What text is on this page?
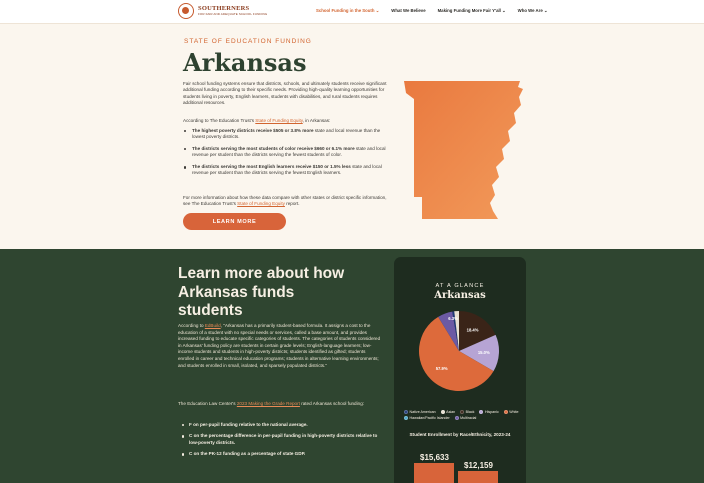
SOUTHERNERS
FOR FAIR AND ADEQUATE SCHOOL FUNDING
School Funding in the South ⌄	What We Believe	Making Funding More Fair Y'all ⌄	Who We Are ⌄
STATE OF EDUCATION FUNDING
Arkansas

Fair school funding systems ensure that districts, schools, and ultimately students receive significant additional funding according to their specific needs. Providing high-quality learning opportunities for students living in poverty, English learners, students with disabilities, and rural students requires additional resources.

According to The Education Trust's State of Funding Equity, in Arkansas:

The highest poverty districts receive $505 or 3.8% more state and local revenue than the lowest poverty districts.
The districts serving the most students of color receive $660 or 6.1% more state and local revenue per student than the districts serving the fewest students of color.
The districts serving the most English learners receive $150 or 1.5% less state and local revenue per student than the districts serving the fewest English learners.

For more information about how these data compare with other states or district specific information, see The Education Trust's State of Funding Equity report.

LEARN MORE
Learn more about how Arkansas funds students

According to EdBuild, "Arkansas has a primarily student-based formula. It assigns a cost to the education of a student with no special needs or services, called a base amount, and provides increased funding to educate specific categories of students. The categories of students considered in Arkansas' funding policy are students in certain grade levels; English-language learners; low-income students and students in high-poverty districts; students identified as gifted; students enrolled in career and technical education programs; students in alternative learning environments; and students enrolled in small, isolated, and sparsely populated districts."

The Education Law Center's 2023 Making the Grade Report rated Arkansas school funding:

F on per-pupil funding relative to the national average.
C on the percentage difference in per-pupil funding in high-poverty districts relative to low-poverty districts.
C on the PK-12 funding as a percentage of state GDP.
AT A GLANCE
Arkansas
18.4%
15.0%
57.9%
6.3%
Native American	Asian	Black	Hispanic	White
Hawaiian/Pacific Islander	Multiracial
Student Enrollment by Race/Ethnicity, 2023-24
$15,633
$12,159
